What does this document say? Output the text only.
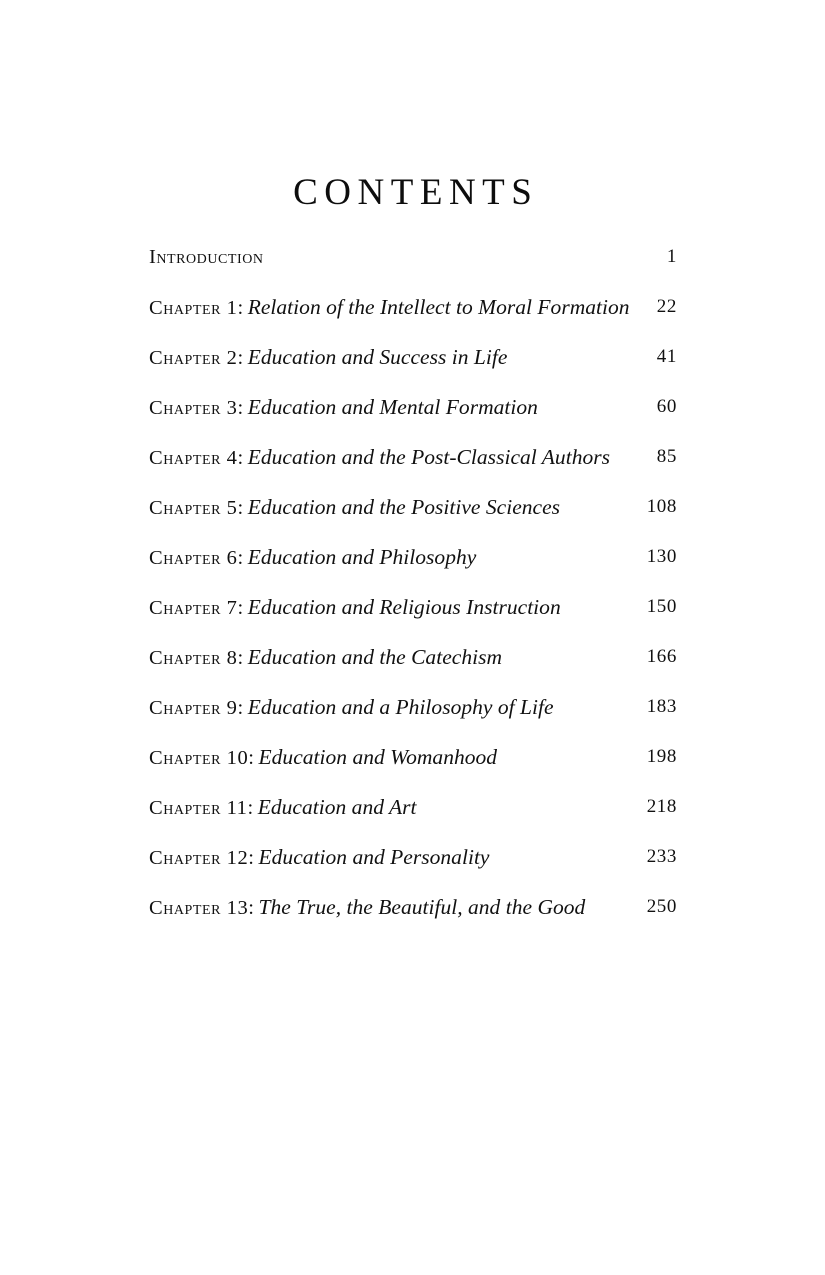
CONTENTS
Introduction	1
Chapter 1: Relation of the Intellect to Moral Formation 22
Chapter 2: Education and Success in Life	41
Chapter 3: Education and Mental Formation	60
Chapter 4: Education and the Post-Classical Authors 85
Chapter 5: Education and the Positive Sciences	108
Chapter 6: Education and Philosophy	130
Chapter 7: Education and Religious Instruction	150
Chapter 8: Education and the Catechism	166
Chapter 9: Education and a Philosophy of Life	183
Chapter 10: Education and Womanhood	198
Chapter 11: Education and Art	218
Chapter 12: Education and Personality	233
Chapter 13: The True, the Beautiful, and the Good	250
